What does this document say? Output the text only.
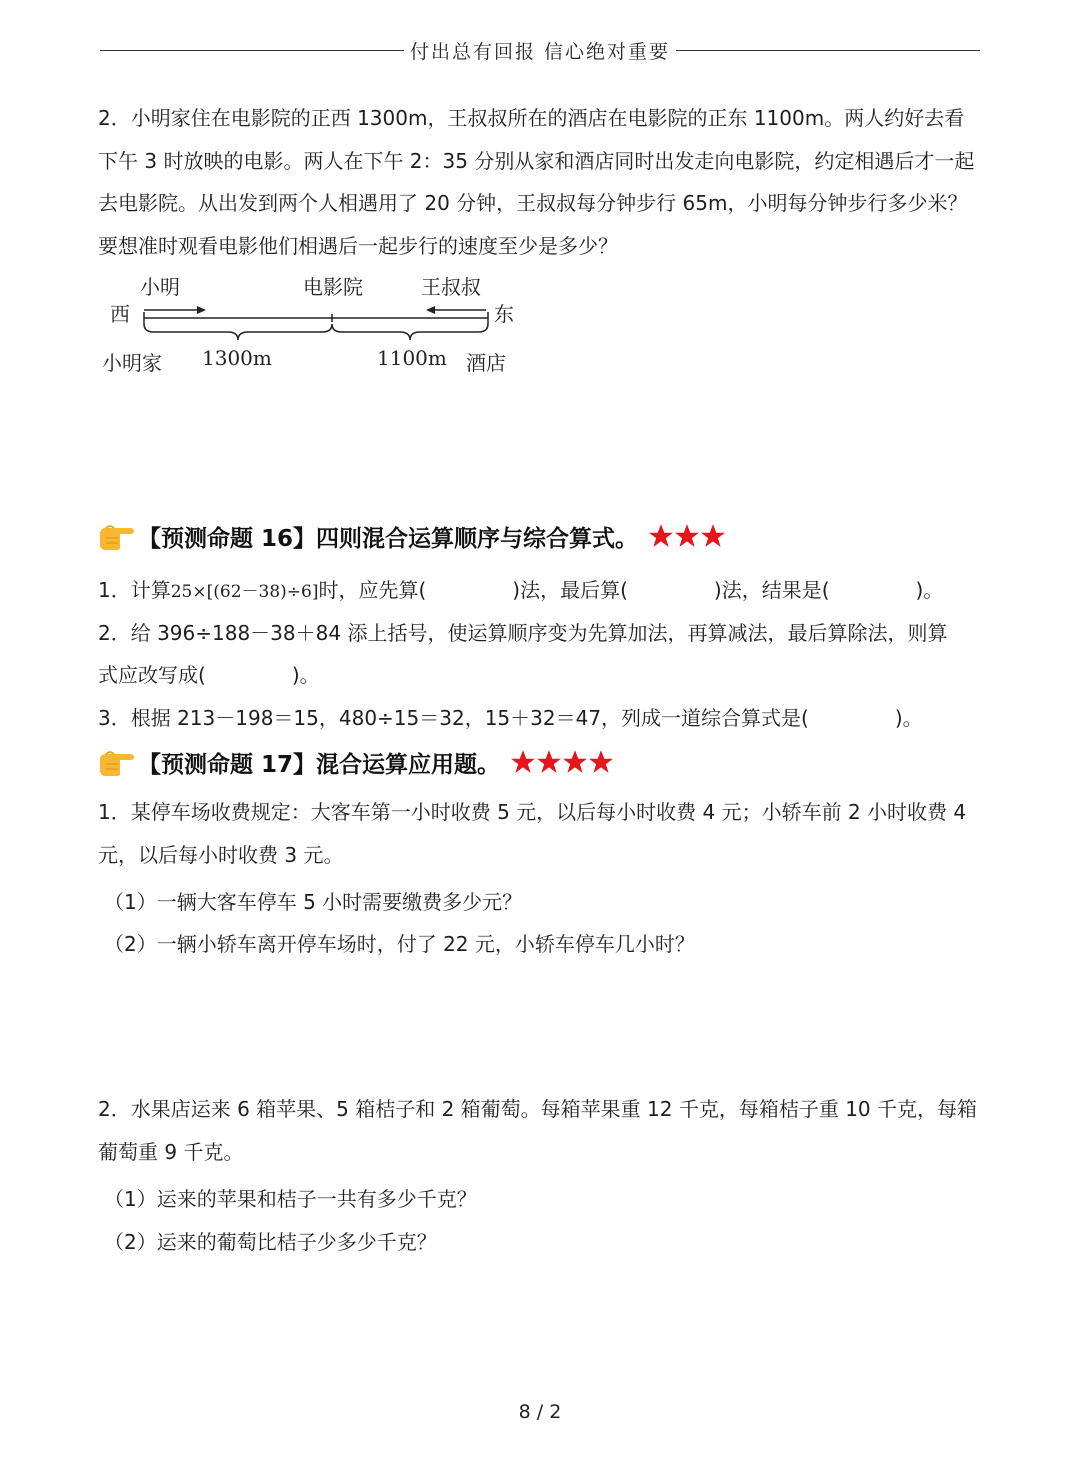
付出总有回报 信心绝对重要

2．小明家住在电影院的正西 1300m，王叔叔所在的酒店在电影院的正东 1100m。两人约好去看下午 3 时放映的电影。两人在下午 2：35 分别从家和酒店同时出发走向电影院，约定相遇后才一起去电影院。从出发到两个人相遇用了 20 分钟，王叔叔每分钟步行 65m，小明每分钟步行多少米？要想准时观看电影他们相遇后一起步行的速度至少是多少？

小明	电影院	王叔叔
西	东
小明家 1300m	1100m 酒店
【预测命题 16】四则混合运算顺序与综合算式。
1．计算25×[(62－38)÷6]时，应先算(	)法，最后算(	)法，结果是(	)。
2．给 396÷188－38＋84 添上括号，使运算顺序变为先算加法，再算减法，最后算除法，则算
式应改写成(	)。
3．根据 213－198＝15，480÷15＝32，15＋32＝47，列成一道综合算式是(	)。
【预测命题 17】混合运算应用题。

1．某停车场收费规定：大客车第一小时收费 5 元，以后每小时收费 4 元；小轿车前 2 小时收费 4 元，以后每小时收费 3 元。

（1）一辆大客车停车 5 小时需要缴费多少元？
（2）一辆小轿车离开停车场时，付了 22 元，小轿车停车几小时？

2．水果店运来 6 箱苹果、5 箱桔子和 2 箱葡萄。每箱苹果重 12 千克，每箱桔子重 10 千克，每箱葡萄重 9 千克。

（1）运来的苹果和桔子一共有多少千克？
（2）运来的葡萄比桔子少多少千克？
8 / 2
